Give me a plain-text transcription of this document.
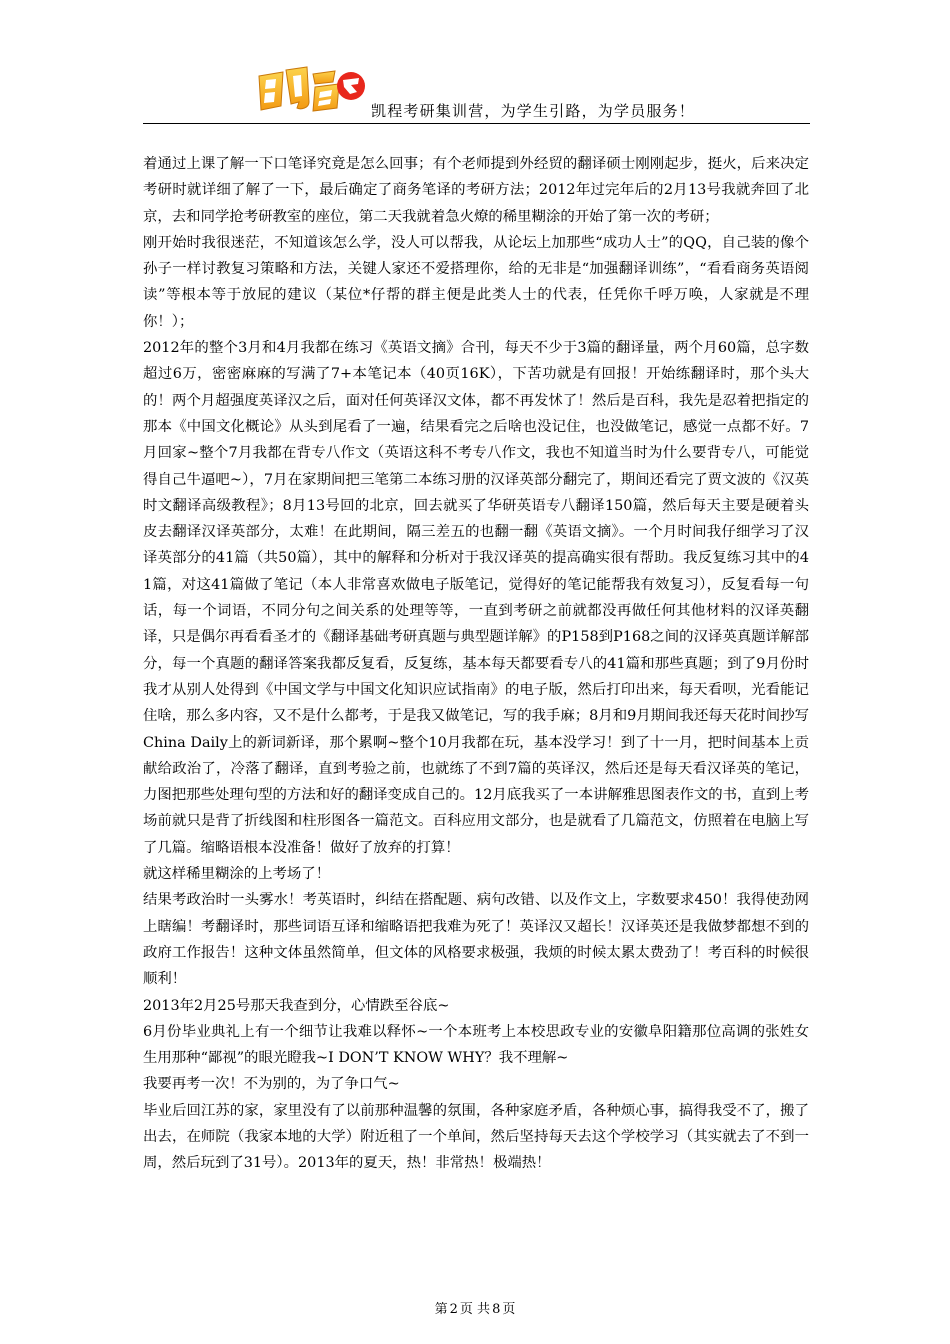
凯程考研集训营，为学生引路，为学员服务！

着通过上课了解一下口笔译究竟是怎么回事；有个老师提到外经贸的翻译硕士刚刚起步，挺火，后来决定考研时就详细了解了一下，最后确定了商务笔译的考研方法；2012年过完年后的2月13号我就奔回了北京，去和同学抢考研教室的座位，第二天我就着急火燎的稀里糊涂的开始了第一次的考研；

刚开始时我很迷茫，不知道该怎么学，没人可以帮我，从论坛上加那些“成功人士”的QQ，自己装的像个孙子一样讨教复习策略和方法，关键人家还不爱搭理你，给的无非是“加强翻译训练”，“看看商务英语阅读”等根本等于放屁的建议（某位*仔帮的群主便是此类人士的代表，任凭你千呼万唤，人家就是不理你！）；

2012年的整个3月和4月我都在练习《英语文摘》合刊，每天不少于3篇的翻译量，两个月60篇，总字数超过6万，密密麻麻的写满了7+本笔记本（40页16K），下苦功就是有回报！开始练翻译时，那个头大的！两个月超强度英译汉之后，面对任何英译汉文体，都不再发怵了！然后是百科，我先是忍着把指定的那本《中国文化概论》从头到尾看了一遍，结果看完之后啥也没记住，也没做笔记，感觉一点都不好。7月回家~整个7月我都在背专八作文（英语这科不考专八作文，我也不知道当时为什么要背专八，可能觉得自己牛逼吧~），7月在家期间把三笔第二本练习册的汉译英部分翻完了，期间还看完了贾文波的《汉英时文翻译高级教程》；8月13号回的北京，回去就买了华研英语专八翻译150篇，然后每天主要是硬着头皮去翻译汉译英部分，太难！在此期间，隔三差五的也翻一翻《英语文摘》。一个月时间我仔细学习了汉译英部分的41篇（共50篇），其中的解释和分析对于我汉译英的提高确实很有帮助。我反复练习其中的41篇，对这41篇做了笔记（本人非常喜欢做电子版笔记，觉得好的笔记能帮我有效复习），反复看每一句话，每一个词语，不同分句之间关系的处理等等，一直到考研之前就都没再做任何其他材料的汉译英翻译，只是偶尔再看看圣才的《翻译基础考研真题与典型题详解》的P158到P168之间的汉译英真题详解部分，每一个真题的翻译答案我都反复看，反复练，基本每天都要看专八的41篇和那些真题；到了9月份时我才从别人处得到《中国文学与中国文化知识应试指南》的电子版，然后打印出来，每天看呗，光看能记住啥，那么多内容，又不是什么都考，于是我又做笔记，写的我手麻；8月和9月期间我还每天花时间抄写China Daily上的新词新译，那个累啊~整个10月我都在玩，基本没学习！到了十一月，把时间基本上贡献给政治了，冷落了翻译，直到考验之前，也就练了不到7篇的英译汉，然后还是每天看汉译英的笔记，力图把那些处理句型的方法和好的翻译变成自己的。12月底我买了一本讲解雅思图表作文的书，直到上考场前就只是背了折线图和柱形图各一篇范文。百科应用文部分，也是就看了几篇范文，仿照着在电脑上写了几篇。缩略语根本没准备！做好了放弃的打算！

就这样稀里糊涂的上考场了！

结果考政治时一头雾水！考英语时，纠结在搭配题、病句改错、以及作文上，字数要求450！我得使劲网上瞎编！考翻译时，那些词语互译和缩略语把我难为死了！英译汉又超长！汉译英还是我做梦都想不到的政府工作报告！这种文体虽然简单，但文体的风格要求极强，我烦的时候太累太费劲了！考百科的时候很顺利！

2013年2月25号那天我查到分，心情跌至谷底~

6月份毕业典礼上有一个细节让我难以释怀~一个本班考上本校思政专业的安徽阜阳籍那位高调的张姓女生用那种“鄙视”的眼光瞪我~I DON’T KNOW WHY？我不理解~

我要再考一次！不为别的，为了争口气~

毕业后回江苏的家，家里没有了以前那种温馨的氛围，各种家庭矛盾，各种烦心事，搞得我受不了，搬了出去，在师院（我家本地的大学）附近租了一个单间，然后坚持每天去这个学校学习（其实就去了不到一周，然后玩到了31号）。2013年的夏天，热！非常热！极端热！

第 2 页 共 8 页
